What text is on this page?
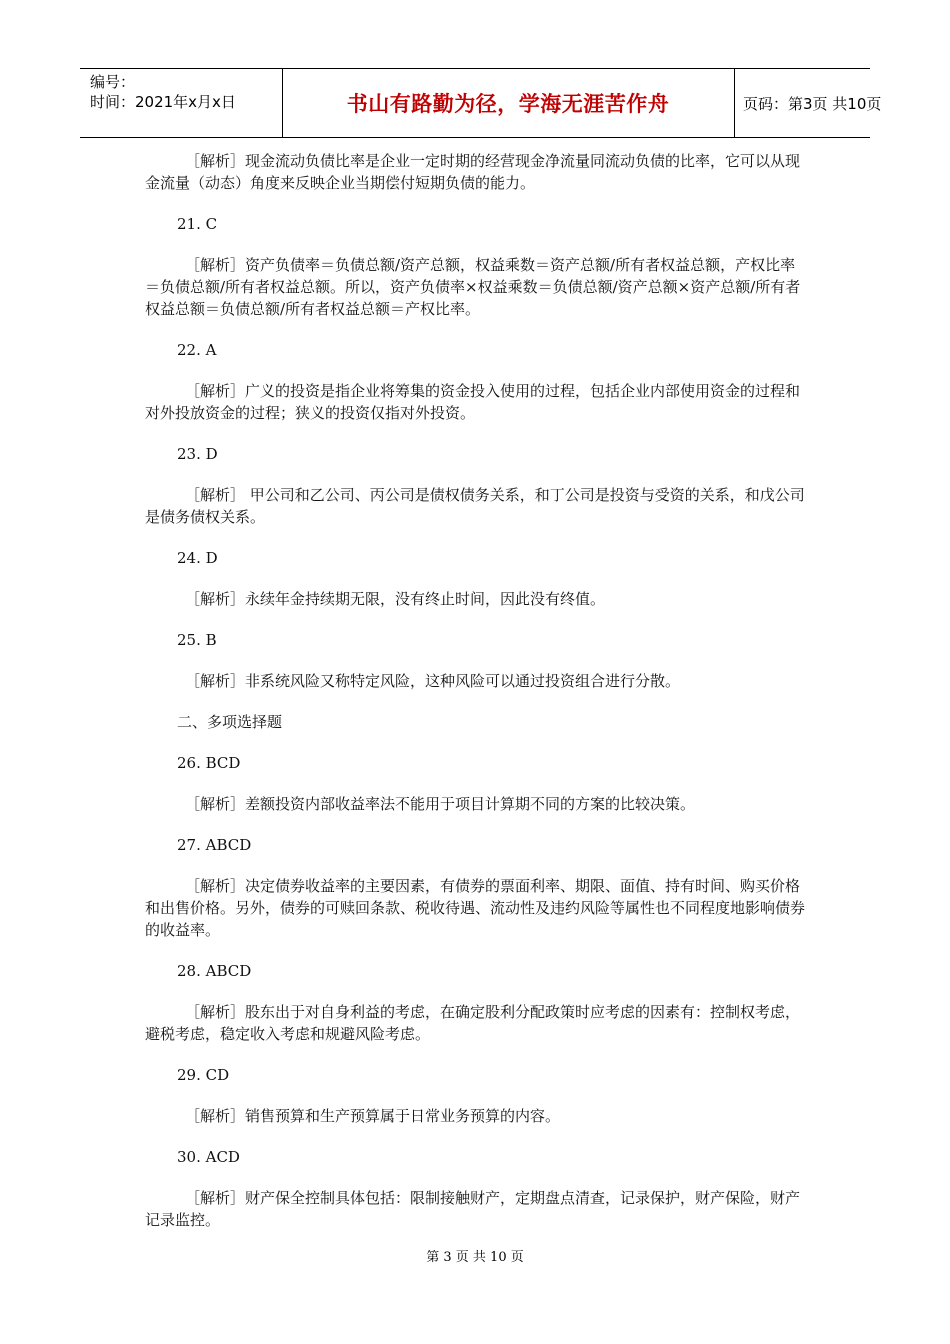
编号：
时间：2021年x月x日	书山有路勤为径，学海无涯苦作舟	页码：第3页 共10页

［解析］现金流动负债比率是企业一定时期的经营现金净流量同流动负债的比率，它可以从现金流量（动态）角度来反映企业当期偿付短期负债的能力。

21. C

［解析］资产负债率＝负债总额/资产总额，权益乘数＝资产总额/所有者权益总额，产权比率＝负债总额/所有者权益总额。所以，资产负债率×权益乘数＝负债总额/资产总额×资产总额/所有者权益总额＝负债总额/所有者权益总额＝产权比率。

22. A

［解析］广义的投资是指企业将筹集的资金投入使用的过程，包括企业内部使用资金的过程和对外投放资金的过程；狭义的投资仅指对外投资。

23. D

［解析］ 甲公司和乙公司、丙公司是债权债务关系，和丁公司是投资与受资的关系，和戊公司是债务债权关系。

24. D

［解析］永续年金持续期无限，没有终止时间，因此没有终值。

25. B

［解析］非系统风险又称特定风险，这种风险可以通过投资组合进行分散。

二、多项选择题

26. BCD

［解析］差额投资内部收益率法不能用于项目计算期不同的方案的比较决策。

27. ABCD

［解析］决定债券收益率的主要因素，有债券的票面利率、期限、面值、持有时间、购买价格和出售价格。另外，债券的可赎回条款、税收待遇、流动性及违约风险等属性也不同程度地影响债券的收益率。

28. ABCD

［解析］股东出于对自身利益的考虑，在确定股利分配政策时应考虑的因素有：控制权考虑，避税考虑，稳定收入考虑和规避风险考虑。

29. CD

［解析］销售预算和生产预算属于日常业务预算的内容。

30. ACD

［解析］财产保全控制具体包括：限制接触财产，定期盘点清查，记录保护，财产保险，财产记录监控。

第 3 页 共 10 页
